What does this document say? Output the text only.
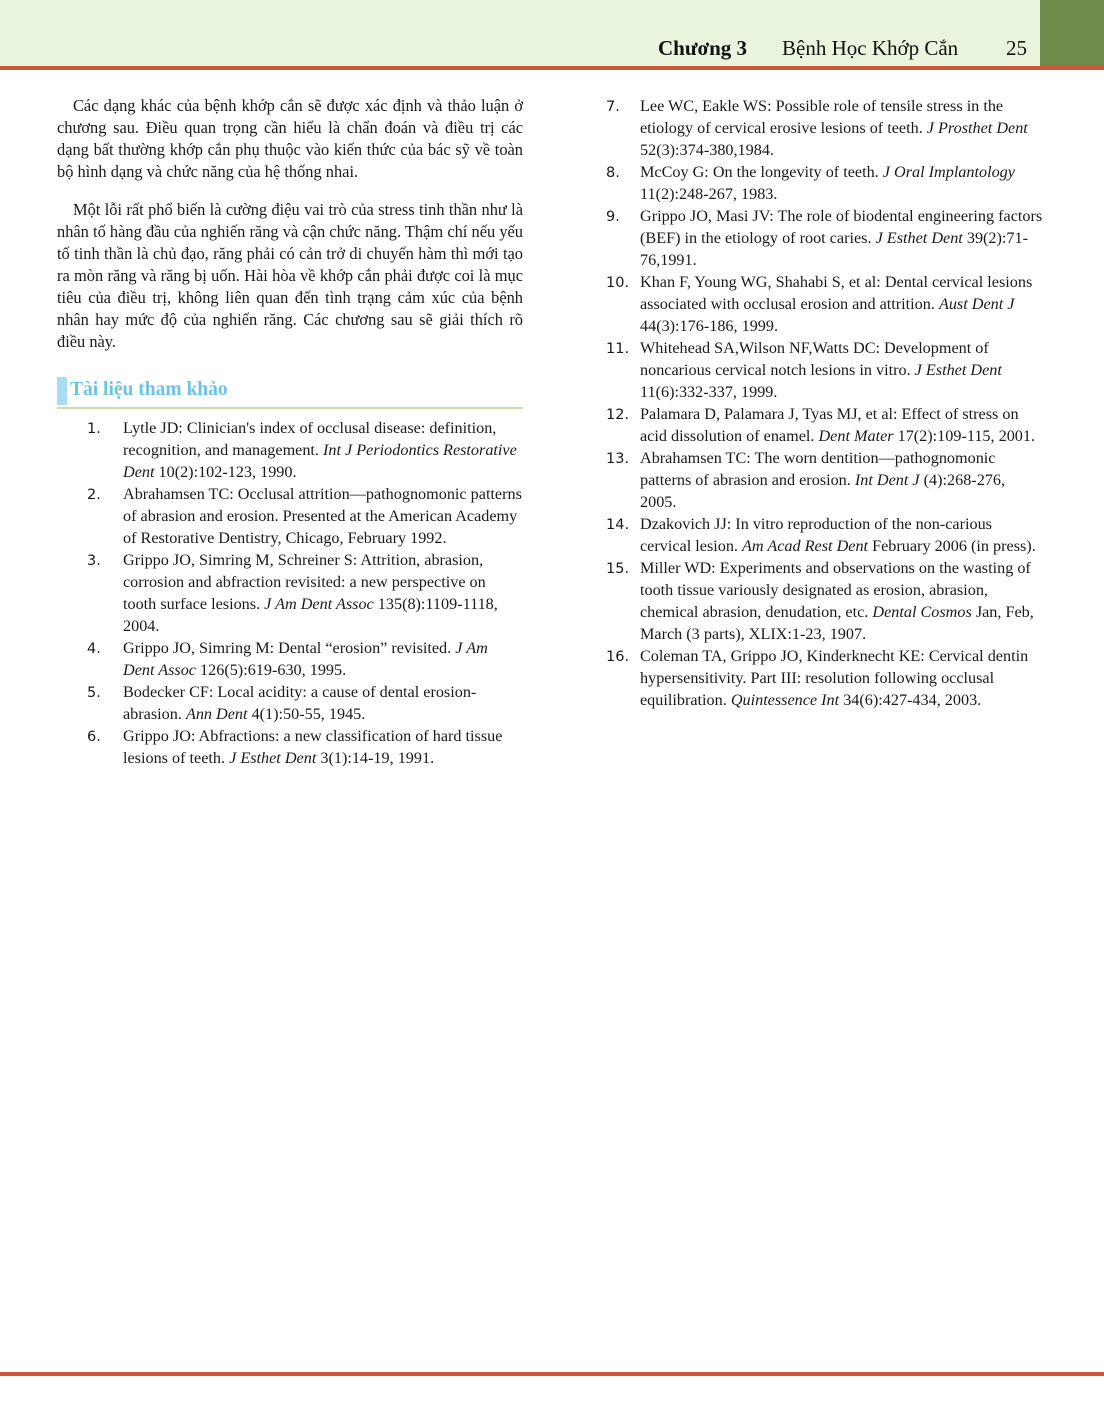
Chương 3 Bệnh Học Khớp Cắn 25

Các dạng khác của bệnh khớp cắn sẽ được xác định và thảo luận ở chương sau. Điều quan trọng cần hiểu là chẩn đoán và điều trị các dạng bất thường khớp cắn phụ thuộc vào kiến thức của bác sỹ về toàn bộ hình dạng và chức năng của hệ thống nhai.

Một lỗi rất phổ biến là cường điệu vai trò của stress tinh thần như là nhân tố hàng đầu của nghiến răng và cận chức năng. Thậm chí nếu yếu tố tinh thần là chủ đạo, răng phải có cản trở di chuyển hàm thì mới tạo ra mòn răng và răng bị uốn. Hài hòa về khớp cắn phải được coi là mục tiêu của điều trị, không liên quan đến tình trạng cảm xúc của bệnh nhân hay mức độ của nghiến răng. Các chương sau sẽ giải thích rõ điều này.

Tài liệu tham khảo
1. Lytle JD: Clinician's index of occlusal disease: definition, recognition, and management. Int J Periodontics Restorative Dent 10(2):102-123, 1990.
2. Abrahamsen TC: Occlusal attrition—pathognomonic patterns of abrasion and erosion. Presented at the American Academy of Restorative Dentistry, Chicago, February 1992.
3. Grippo JO, Simring M, Schreiner S: Attrition, abrasion, corrosion and abfraction revisited: a new perspective on tooth surface lesions. J Am Dent Assoc 135(8):1109-1118, 2004.
4. Grippo JO, Simring M: Dental “erosion” revisited. J Am Dent Assoc 126(5):619-630, 1995.
5. Bodecker CF: Local acidity: a cause of dental erosion-abrasion. Ann Dent 4(1):50-55, 1945.
6. Grippo JO: Abfractions: a new classification of hard tissue lesions of teeth. J Esthet Dent 3(1):14-19, 1991.
7. Lee WC, Eakle WS: Possible role of tensile stress in the etiology of cervical erosive lesions of teeth. J Prosthet Dent 52(3):374-380,1984.
8. McCoy G: On the longevity of teeth. J Oral Implantology 11(2):248-267, 1983.
9. Grippo JO, Masi JV: The role of biodental engineering factors (BEF) in the etiology of root caries. J Esthet Dent 39(2):71-76,1991.
10. Khan F, Young WG, Shahabi S, et al: Dental cervical lesions associated with occlusal erosion and attrition. Aust Dent J 44(3):176-186, 1999.
11. Whitehead SA,Wilson NF,Watts DC: Development of noncarious cervical notch lesions in vitro. J Esthet Dent 11(6):332-337, 1999.
12. Palamara D, Palamara J, Tyas MJ, et al: Effect of stress on acid dissolution of enamel. Dent Mater 17(2):109-115, 2001.
13. Abrahamsen TC: The worn dentition—pathognomonic patterns of abrasion and erosion. Int Dent J (4):268-276, 2005.
14. Dzakovich JJ: In vitro reproduction of the non-carious cervical lesion. Am Acad Rest Dent February 2006 (in press).
15. Miller WD: Experiments and observations on the wasting of tooth tissue variously designated as erosion, abrasion, chemical abrasion, denudation, etc. Dental Cosmos Jan, Feb, March (3 parts), XLIX:1-23, 1907.
16. Coleman TA, Grippo JO, Kinderknecht KE: Cervical dentin hypersensitivity. Part III: resolution following occlusal equilibration. Quintessence Int 34(6):427-434, 2003.
